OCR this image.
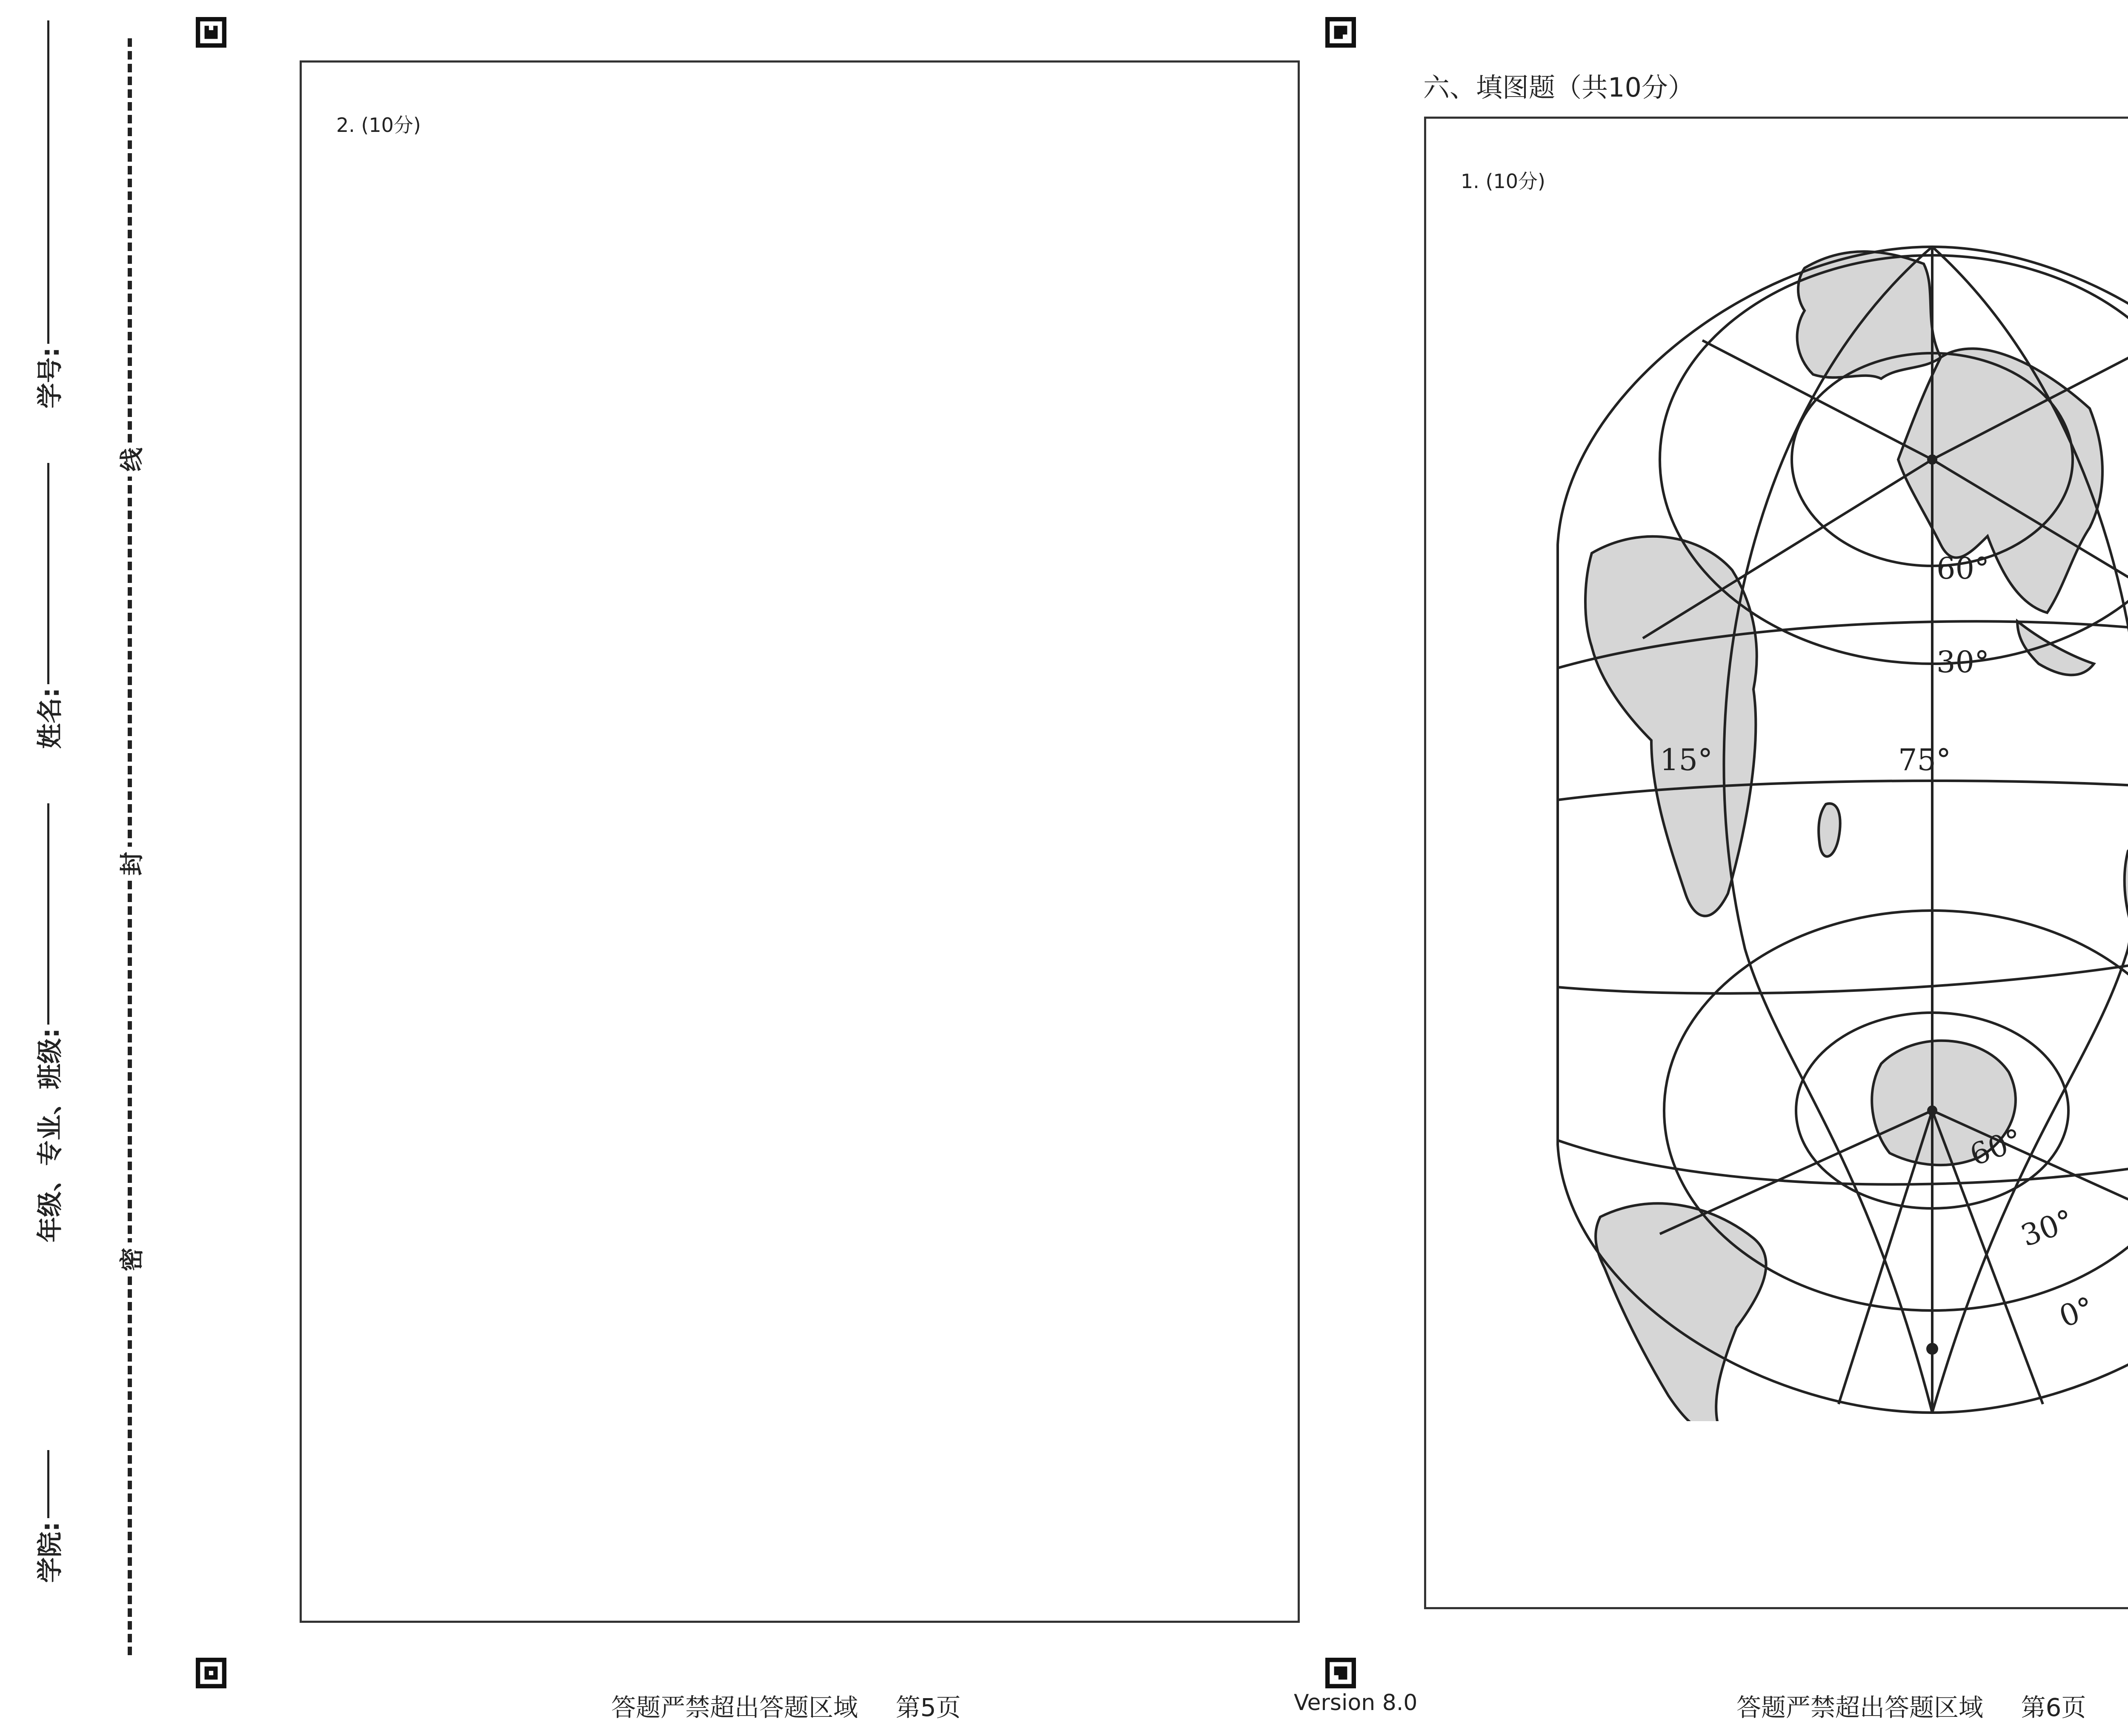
线
封
密
学号:
姓名:
年级、专业、班级:
学院:
2. (10分)
六、填图题（共10分）
1. (10分)
60°
30°
15°	75°
60°
30°
0°
答题严禁超出答题区域 第5页	Version 8.0	答题严禁超出答题区域 第6页
